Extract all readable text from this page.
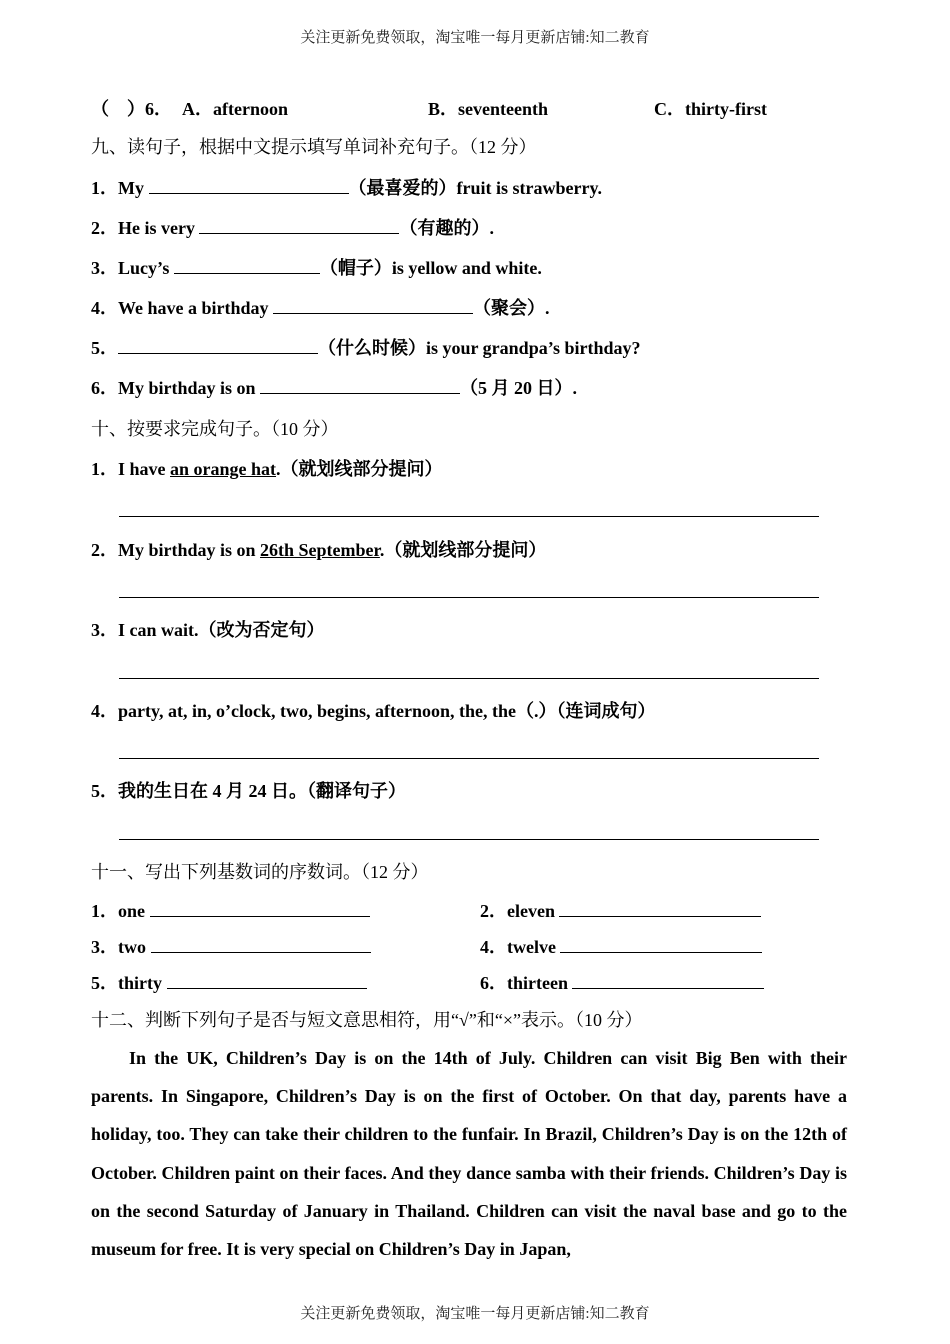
关注更新免费领取，淘宝唯一每月更新店铺:知二教育
（　）6． A．afternoon	B．seventeenth	C．thirty-first
九、读句子，根据中文提示填写单词补充句子。（12 分）
1．My	（最喜爱的）fruit is strawberry.
2．He is very	（有趣的）.
3．Lucy’s	（帽子）is yellow and white.
4．We have a birthday	（聚会）.
5．	（什么时候）is your grandpa’s birthday?
6．My birthday is on	（5 月 20 日）.
十、按要求完成句子。（10 分）
1．I have an orange hat.（就划线部分提问）
2．My birthday is on 26th September.（就划线部分提问）
3．I can wait.（改为否定句）
4．party, at, in, o’clock, two, begins, afternoon, the, the（.）（连词成句）
5．我的生日在 4 月 24 日。（翻译句子）
十一、写出下列基数词的序数词。（12 分）
1．one	2．eleven
3．two	4．twelve
5．thirty	6．thirteen
十二、判断下列句子是否与短文意思相符，用“√”和“×”表示。（10 分）
In the UK, Children’s Day is on the 14th of July. Children can visit Big Ben with their parents. In Singapore, Children’s Day is on the first of October. On that day, parents have a holiday, too. They can take their children to the funfair. In Brazil, Children’s Day is on the 12th of October. Children paint on their faces. And they dance samba with their friends. Children’s Day is on the second Saturday of January in Thailand. Children can visit the naval base and go to the museum for free. It is very special on Children’s Day in Japan,
关注更新免费领取，淘宝唯一每月更新店铺:知二教育
